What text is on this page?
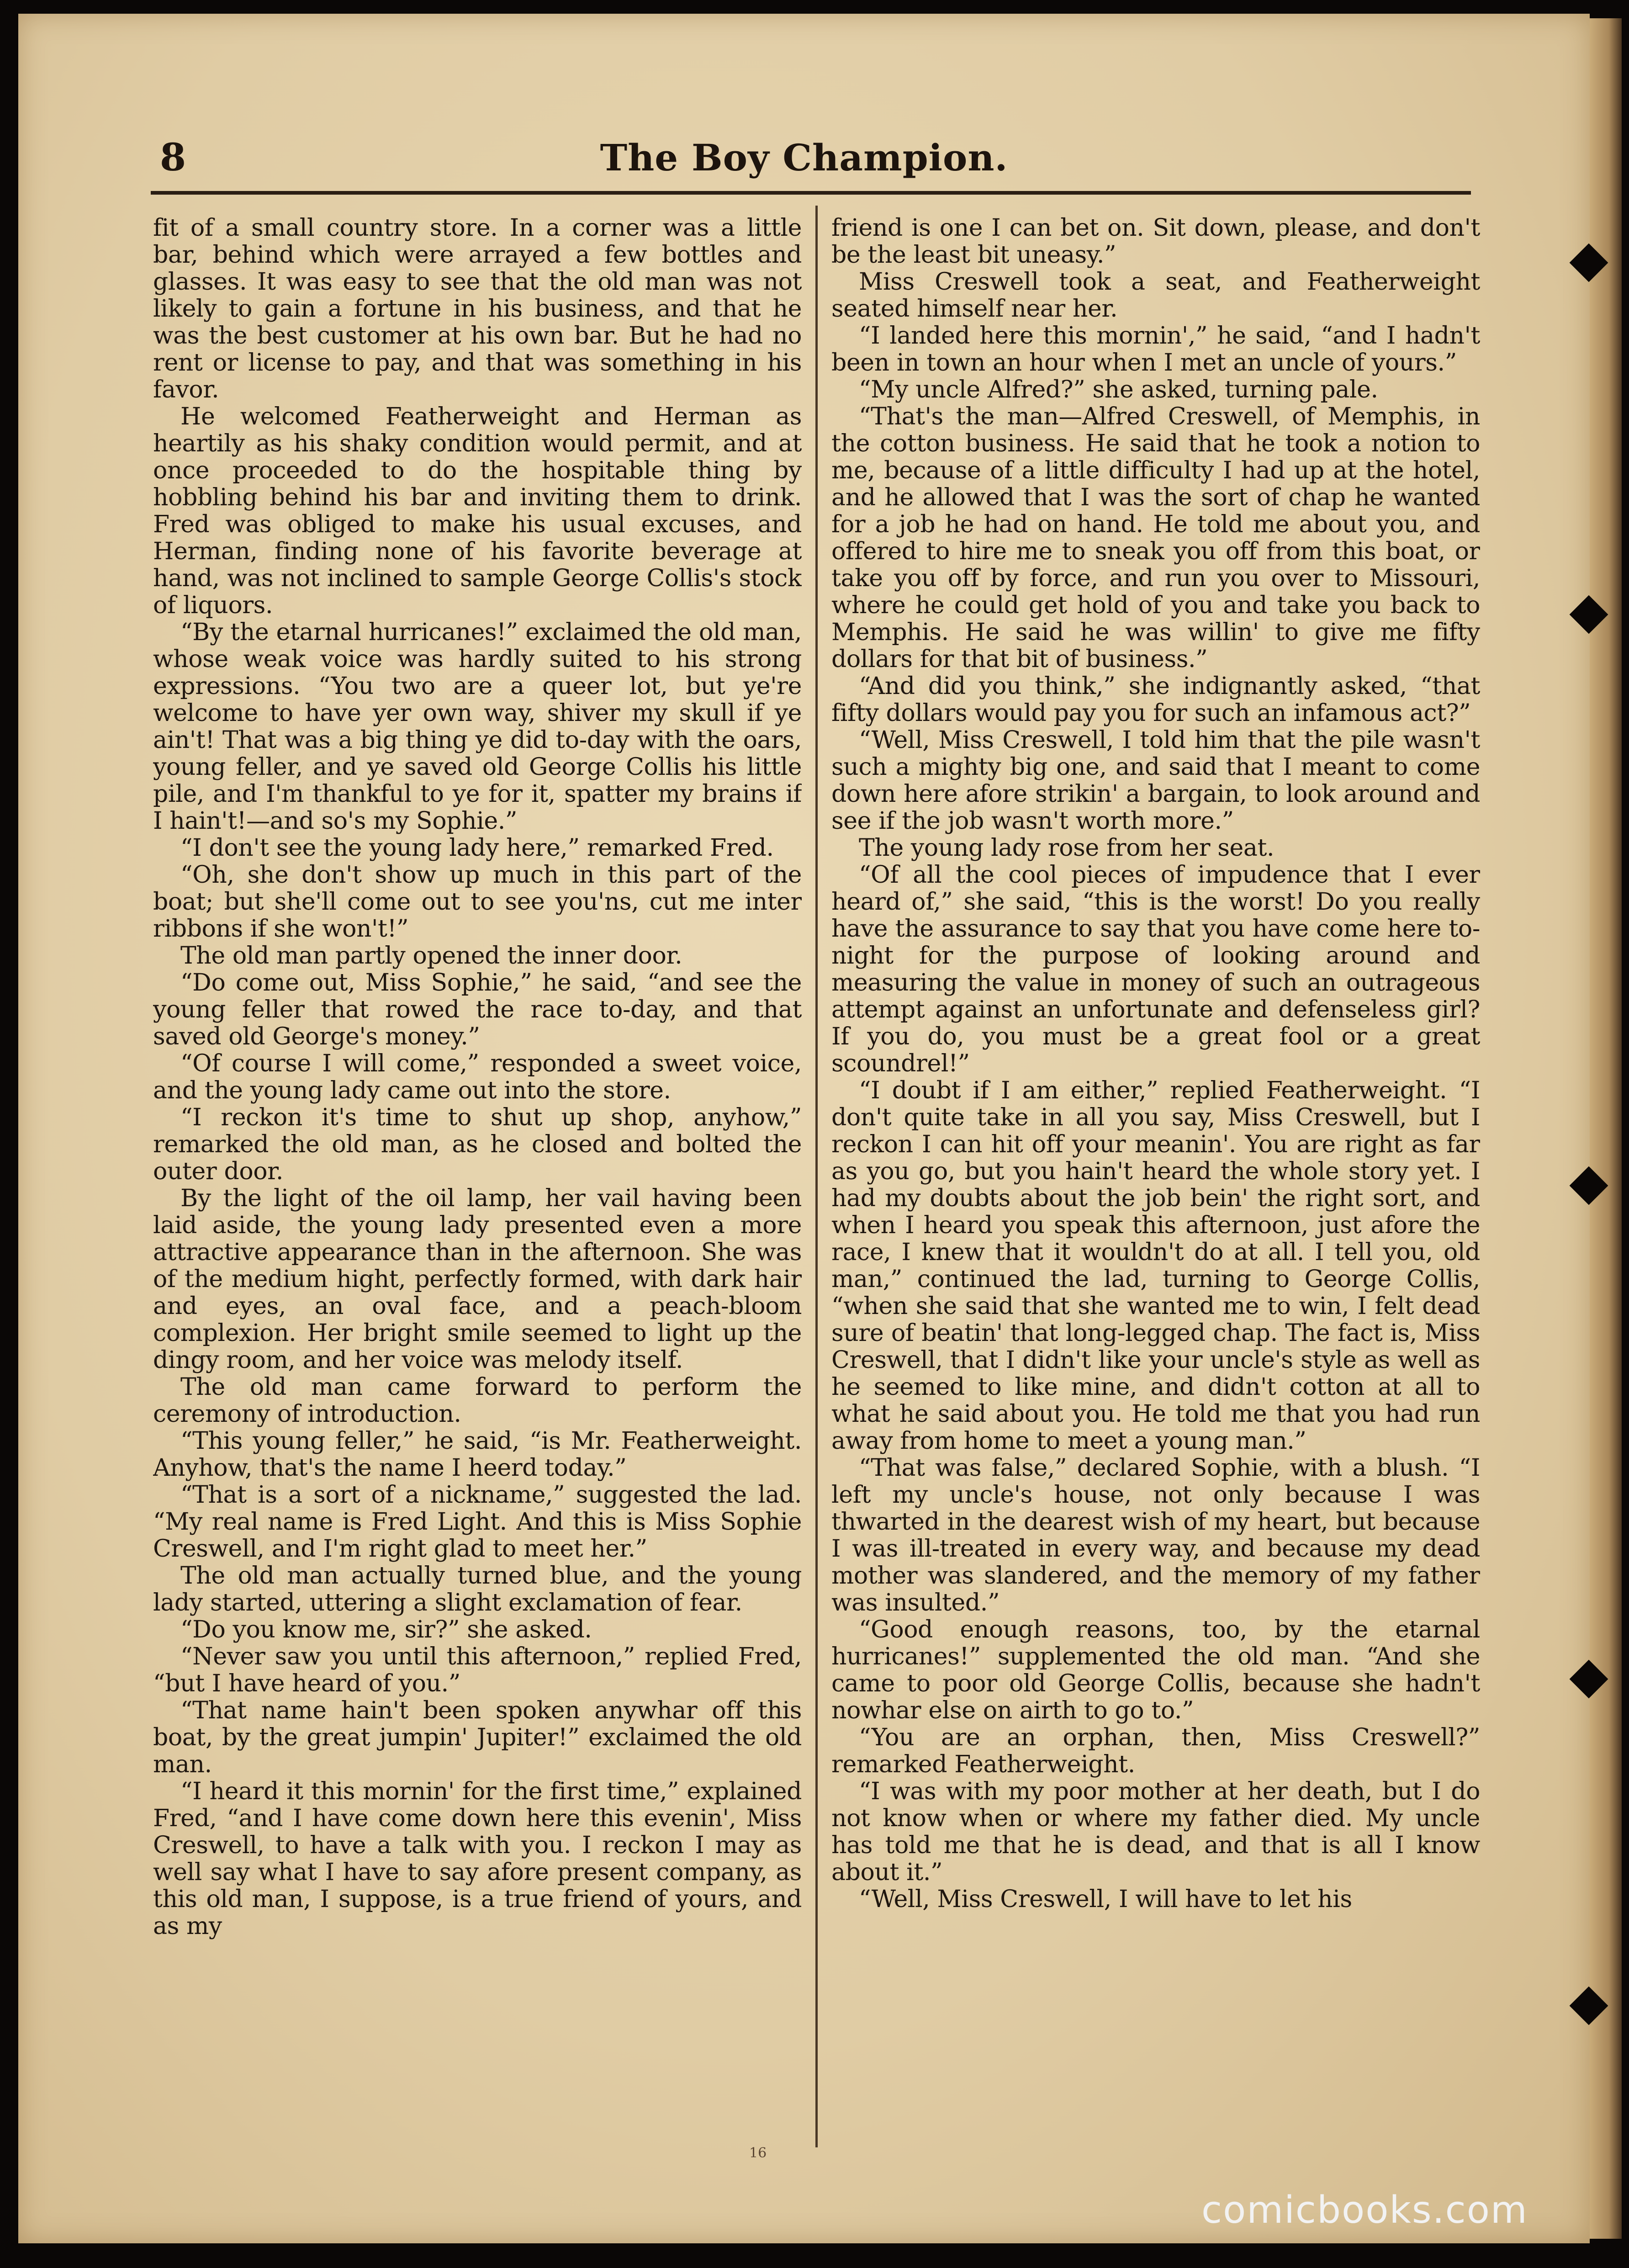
8	The Boy Champion.

fit of a small country store. In a corner was a little bar, behind which were arrayed a few bottles and glasses. It was easy to see that the old man was not likely to gain a fortune in his business, and that he was the best customer at his own bar. But he had no rent or license to pay, and that was something in his favor.

He welcomed Featherweight and Herman as heartily as his shaky condition would permit, and at once proceeded to do the hospitable thing by hobbling behind his bar and inviting them to drink. Fred was obliged to make his usual excuses, and Herman, finding none of his favorite beverage at hand, was not inclined to sample George Collis's stock of liquors.

“By the etarnal hurricanes!” exclaimed the old man, whose weak voice was hardly suited to his strong expressions. “You two are a queer lot, but ye're welcome to have yer own way, shiver my skull if ye ain't! That was a big thing ye did to-day with the oars, young feller, and ye saved old George Collis his little pile, and I'm thankful to ye for it, spatter my brains if I hain't!—and so's my Sophie.”

“I don't see the young lady here,” remarked Fred.

“Oh, she don't show up much in this part of the boat; but she'll come out to see you'ns, cut me inter ribbons if she won't!”

The old man partly opened the inner door.

“Do come out, Miss Sophie,” he said, “and see the young feller that rowed the race to-day, and that saved old George's money.”

“Of course I will come,” responded a sweet voice, and the young lady came out into the store.

“I reckon it's time to shut up shop, anyhow,” remarked the old man, as he closed and bolted the outer door.

By the light of the oil lamp, her vail having been laid aside, the young lady presented even a more attractive appearance than in the afternoon. She was of the medium hight, perfectly formed, with dark hair and eyes, an oval face, and a peach-bloom complexion. Her bright smile seemed to light up the dingy room, and her voice was melody itself.

The old man came forward to perform the ceremony of introduction.

“This young feller,” he said, “is Mr. Featherweight. Anyhow, that's the name I heerd today.”

“That is a sort of a nickname,” suggested the lad. “My real name is Fred Light. And this is Miss Sophie Creswell, and I'm right glad to meet her.”

The old man actually turned blue, and the young lady started, uttering a slight exclamation of fear.

“Do you know me, sir?” she asked.

“Never saw you until this afternoon,” replied Fred, “but I have heard of you.”

“That name hain't been spoken anywhar off this boat, by the great jumpin' Jupiter!” exclaimed the old man.

“I heard it this mornin' for the first time,” explained Fred, “and I have come down here this evenin', Miss Creswell, to have a talk with you. I reckon I may as well say what I have to say afore present company, as this old man, I suppose, is a true friend of yours, and as my

friend is one I can bet on. Sit down, please, and don't be the least bit uneasy.”

Miss Creswell took a seat, and Featherweight seated himself near her.

“I landed here this mornin',” he said, “and I hadn't been in town an hour when I met an uncle of yours.”

“My uncle Alfred?” she asked, turning pale.

“That's the man—Alfred Creswell, of Memphis, in the cotton business. He said that he took a notion to me, because of a little difficulty I had up at the hotel, and he allowed that I was the sort of chap he wanted for a job he had on hand. He told me about you, and offered to hire me to sneak you off from this boat, or take you off by force, and run you over to Missouri, where he could get hold of you and take you back to Memphis. He said he was willin' to give me fifty dollars for that bit of business.”

“And did you think,” she indignantly asked, “that fifty dollars would pay you for such an infamous act?”

“Well, Miss Creswell, I told him that the pile wasn't such a mighty big one, and said that I meant to come down here afore strikin' a bargain, to look around and see if the job wasn't worth more.”

The young lady rose from her seat.

“Of all the cool pieces of impudence that I ever heard of,” she said, “this is the worst! Do you really have the assurance to say that you have come here to-night for the purpose of looking around and measuring the value in money of such an outrageous attempt against an unfortunate and defenseless girl? If you do, you must be a great fool or a great scoundrel!”

“I doubt if I am either,” replied Featherweight. “I don't quite take in all you say, Miss Creswell, but I reckon I can hit off your meanin'. You are right as far as you go, but you hain't heard the whole story yet. I had my doubts about the job bein' the right sort, and when I heard you speak this afternoon, just afore the race, I knew that it wouldn't do at all. I tell you, old man,” continued the lad, turning to George Collis, “when she said that she wanted me to win, I felt dead sure of beatin' that long-legged chap. The fact is, Miss Creswell, that I didn't like your uncle's style as well as he seemed to like mine, and didn't cotton at all to what he said about you. He told me that you had run away from home to meet a young man.”

“That was false,” declared Sophie, with a blush. “I left my uncle's house, not only because I was thwarted in the dearest wish of my heart, but because I was ill-treated in every way, and because my dead mother was slandered, and the memory of my father was insulted.”

“Good enough reasons, too, by the etarnal hurricanes!” supplemented the old man. “And she came to poor old George Collis, because she hadn't nowhar else on airth to go to.”

“You are an orphan, then, Miss Creswell?” remarked Featherweight.

“I was with my poor mother at her death, but I do not know when or where my father died. My uncle has told me that he is dead, and that is all I know about it.”

“Well, Miss Creswell, I will have to let his

16
comicbooks.com
